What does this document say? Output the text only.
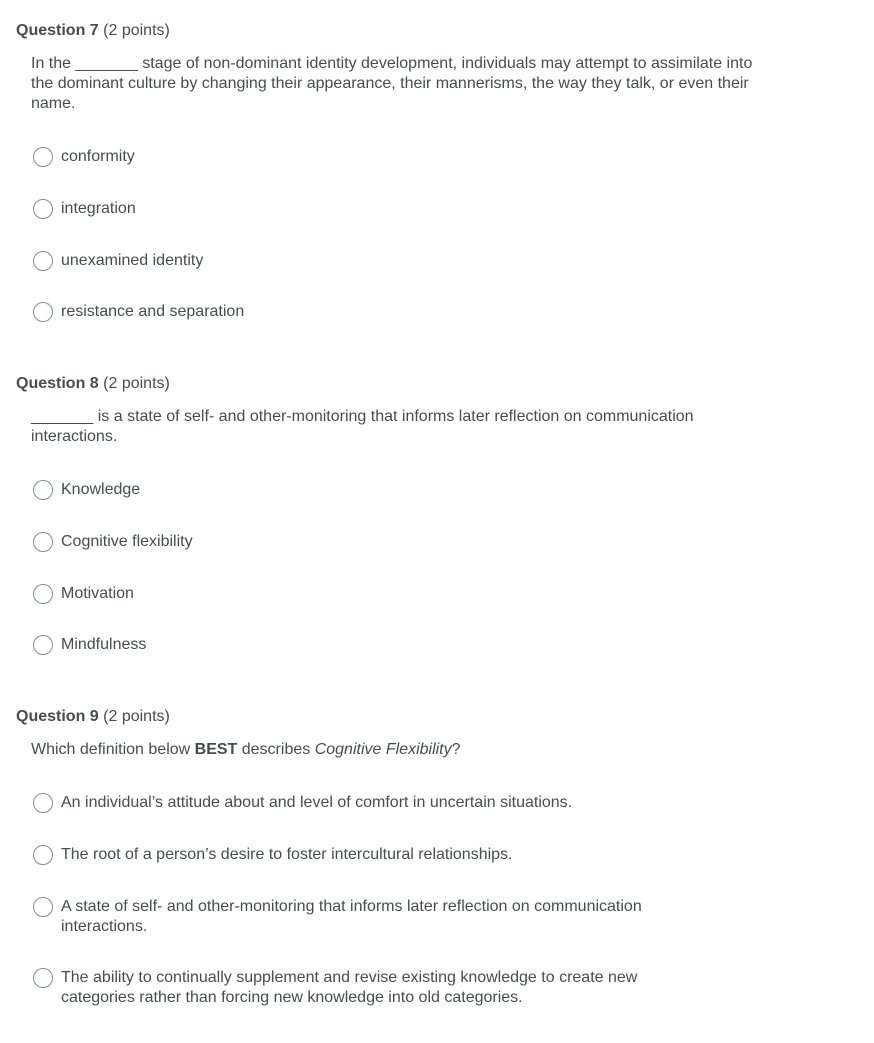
Question 7 (2 points)
In the _______ stage of non-dominant identity development, individuals may attempt to assimilate into the dominant culture by changing their appearance, their mannerisms, the way they talk, or even their name.
conformity
integration
unexamined identity
resistance and separation
Question 8 (2 points)
_______ is a state of self- and other-monitoring that informs later reflection on communication interactions.
Knowledge
Cognitive flexibility
Motivation
Mindfulness
Question 9 (2 points)
Which definition below BEST describes Cognitive Flexibility?
An individual’s attitude about and level of comfort in uncertain situations.
The root of a person’s desire to foster intercultural relationships.
A state of self- and other-monitoring that informs later reflection on communication interactions.
The ability to continually supplement and revise existing knowledge to create new categories rather than forcing new knowledge into old categories.
